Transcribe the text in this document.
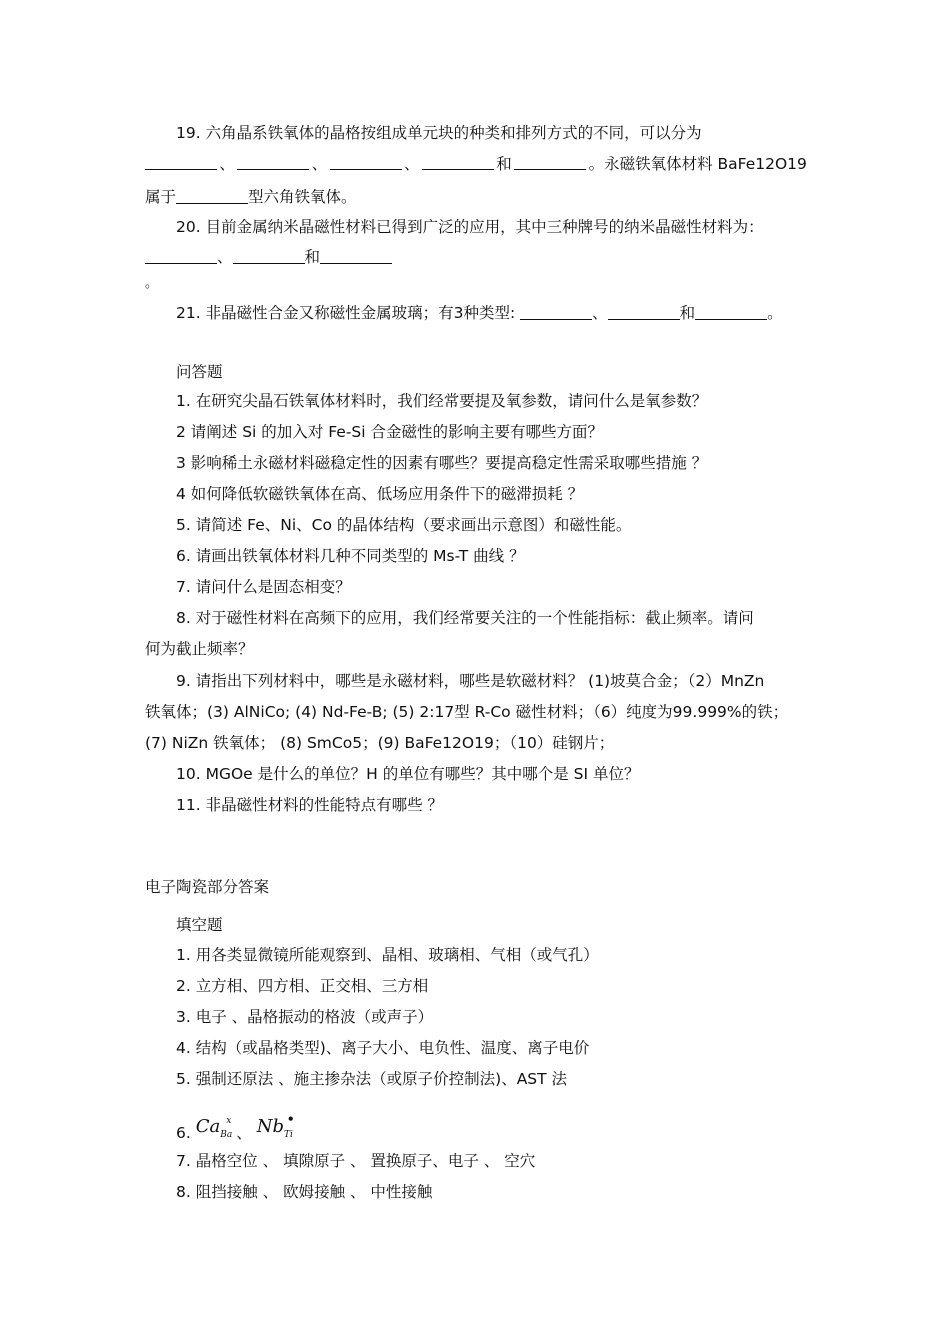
19. 六角晶系铁氧体的晶格按组成单元块的种类和排列方式的不同，可以分为
、	、	、	和	。永磁铁氧体材料 BaFe12O19
属于	型六角铁氧体。
20. 目前金属纳米晶磁性材料已得到广泛的应用，其中三种牌号的纳米晶磁性材料为：
、	和
。
21. 非晶磁性合金又称磁性金属玻璃；有3种类型:	、	和	。
问答题
1. 在研究尖晶石铁氧体材料时，我们经常要提及氧参数，请问什么是氧参数？
2 请阐述 Si 的加入对 Fe-Si 合金磁性的影响主要有哪些方面？
3 影响稀土永磁材料磁稳定性的因素有哪些？要提高稳定性需采取哪些措施 ？
4 如何降低软磁铁氧体在高、低场应用条件下的磁滞损耗 ？
5. 请简述 Fe、Ni、Co 的晶体结构（要求画出示意图）和磁性能。
6. 请画出铁氧体材料几种不同类型的 Ms-T 曲线 ？
7. 请问什么是固态相变？
8. 对于磁性材料在高频下的应用，我们经常要关注的一个性能指标：截止频率。请问
何为截止频率？
9. 请指出下列材料中，哪些是永磁材料，哪些是软磁材料？ (1)坡莫合金；（2）MnZn
铁氧体；(3) AlNiCo; (4) Nd-Fe-B; (5) 2:17型 R-Co 磁性材料；（6）纯度为99.999%的铁；
(7) NiZn 铁氧体； (8) SmCo5；(9) BaFe12O19；（10）硅钢片；
10. MGOe 是什么的单位？H 的单位有哪些？其中哪个是 SI 单位？
11. 非晶磁性材料的性能特点有哪些 ？
电子陶瓷部分答案
填空题
1. 用各类显微镜所能观察到、晶相、玻璃相、气相（或气孔）
2. 立方相、四方相、正交相、三方相
3. 电子 、晶格振动的格波（或声子）
4. 结构（或晶格类型)、离子大小、电负性、温度、离子电价
5. 强制还原法 、施主掺杂法（或原子价控制法)、AST 法
6. $Ca_{Ba}^x$ 、 $Nb_{Ti}^•$
7. 晶格空位 、 填隙原子 、 置换原子、电子 、 空穴
8. 阻挡接触 、 欧姆接触 、 中性接触
